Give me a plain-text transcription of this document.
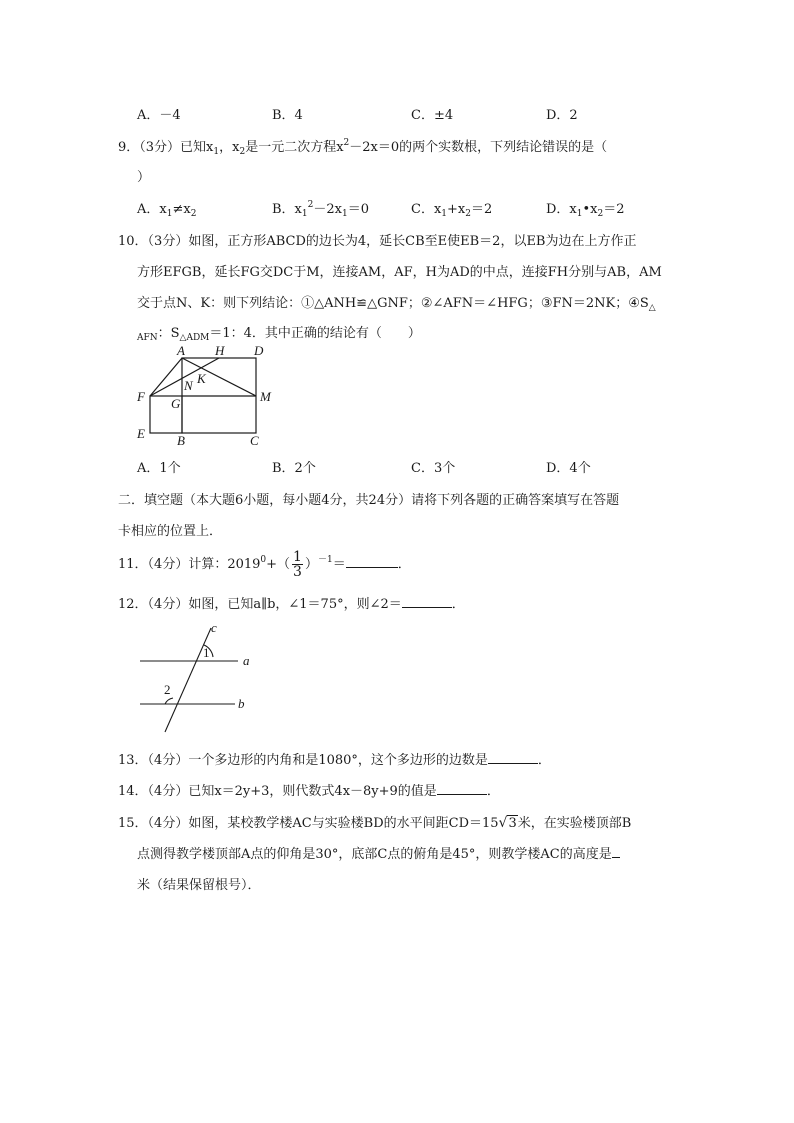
A．－4	B．4	C．±4	D．2
9．（3分）已知$x_1$，$x_2$是一元二次方程$x^2-2x=0$的两个实数根，下列结论错误的是（
）
A．$x_1\ne x_2$	B．$x_1^2-2x_1=0$	C．$x_1+x_2=2$	D．$x_1•x_2=2$
10．（3分）如图，正方形ABCD的边长为4，延长CB至E使EB＝2，以EB为边在上方作正
方形EFGB，延长FG交DC于M，连接AM，AF，H为AD的中点，连接FH分别与AB，AM
交于点N、K：则下列结论：①△ANH≌△GNF；②∠AFN＝∠HFG；③FN＝2NK；$④S_\triangle$
$_{AFN}$：$S_{\triangle ADM}=1$：4．其中正确的结论有（　　）
A H D
N K
F G	M
E B	C
A．1个	B．2个	C．3个	D．4个
二．填空题（本大题6小题，每小题4分，共24分）请将下列各题的正确答案填写在答题
卡相应的位置上．
11．（4分）计算：$2019^0+( \frac{1}{3} )^{-1}=$	．
12．（4分）如图，已知a∥b，∠1＝75°，则∠2＝	．
c
1
a
2
b
13．（4分）一个多边形的内角和是1080°，这个多边形的边数是	．
14．（4分）已知x＝2y+3，则代数式4x－8y+9的值是	．
15．（4分）如图，某校教学楼AC与实验楼BD的水平间距CD＝15√3米，在实验楼顶部B
点测得教学楼顶部A点的仰角是30°，底部C点的俯角是45°，则教学楼AC的高度是
米（结果保留根号）．
